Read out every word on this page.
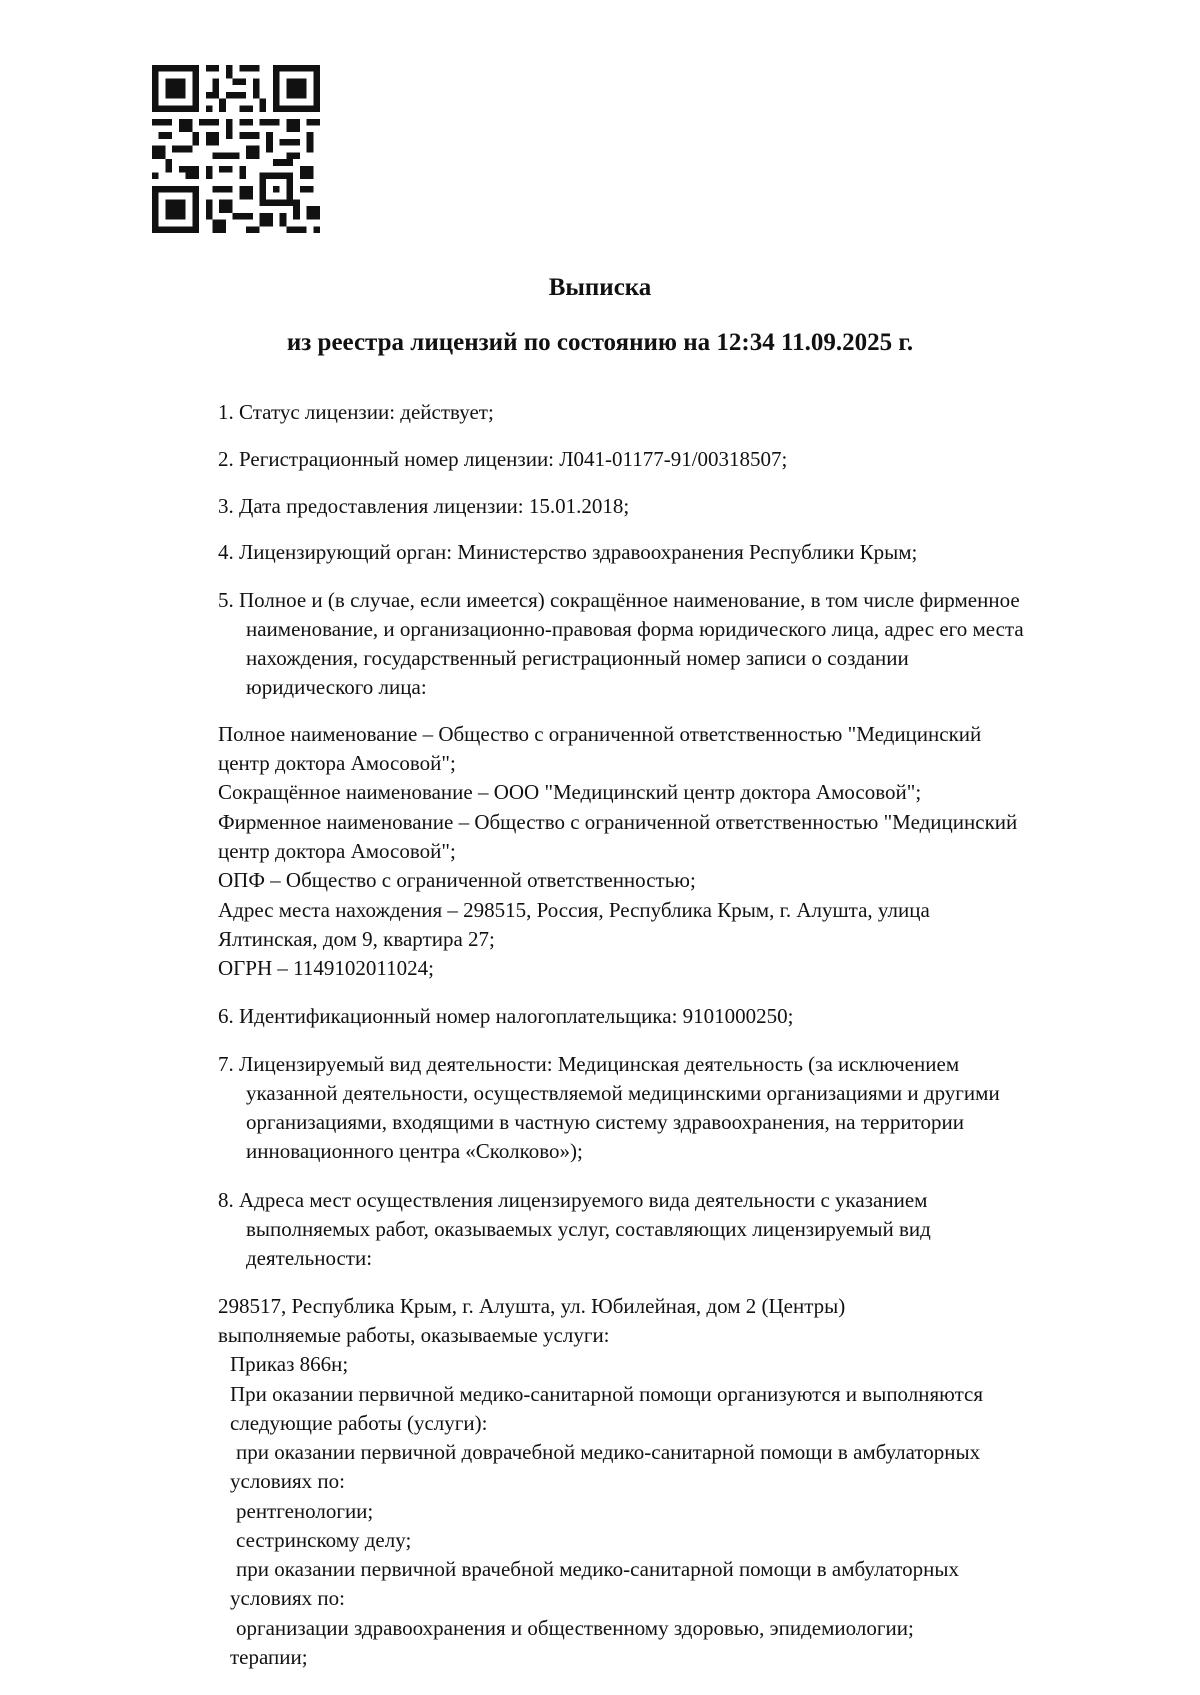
Выписка
из реестра лицензий по состоянию на 12:34 11.09.2025 г.
1. Статус лицензии: действует;
2. Регистрационный номер лицензии: Л041-01177-91/00318507;
3. Дата предоставления лицензии: 15.01.2018;
4. Лицензирующий орган: Министерство здравоохранения Республики Крым;
5. Полное и (в случае, если имеется) сокращённое наименование, в том числе фирменное
наименование, и организационно-правовая форма юридического лица, адрес его места
нахождения, государственный регистрационный номер записи о создании
юридического лица:
Полное наименование – Общество с ограниченной ответственностью "Медицинский
центр доктора Амосовой";
Сокращённое наименование – ООО "Медицинский центр доктора Амосовой";
Фирменное наименование – Общество с ограниченной ответственностью "Медицинский
центр доктора Амосовой";
ОПФ – Общество с ограниченной ответственностью;
Адрес места нахождения – 298515, Россия, Республика Крым, г. Алушта, улица
Ялтинская, дом 9, квартира 27;
ОГРН – 1149102011024;
6. Идентификационный номер налогоплательщика: 9101000250;
7. Лицензируемый вид деятельности: Медицинская деятельность (за исключением
указанной деятельности, осуществляемой медицинскими организациями и другими
организациями, входящими в частную систему здравоохранения, на территории
инновационного центра «Сколково»);
8. Адреса мест осуществления лицензируемого вида деятельности с указанием
выполняемых работ, оказываемых услуг, составляющих лицензируемый вид
деятельности:
298517, Республика Крым, г. Алушта, ул. Юбилейная, дом 2 (Центры)
выполняемые работы, оказываемые услуги:
Приказ 866н;
При оказании первичной медико-санитарной помощи организуются и выполняются
следующие работы (услуги):
при оказании первичной доврачебной медико-санитарной помощи в амбулаторных
условиях по:
рентгенологии;
сестринскому делу;
при оказании первичной врачебной медико-санитарной помощи в амбулаторных
условиях по:
организации здравоохранения и общественному здоровью, эпидемиологии;
терапии;
